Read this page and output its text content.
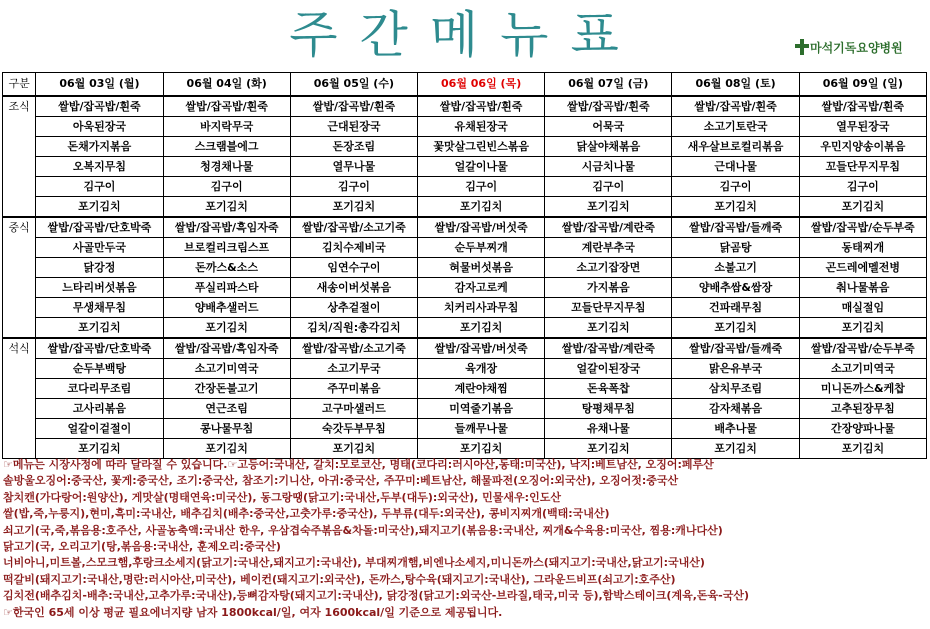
주간메뉴표	마석기독요양병원
구분	06월 03일 (월)	06월 04일 (화)	06월 05일 (수)	06월 06일 (목)	06월 07일 (금)	06월 08일 (토)	06월 09일 (일)
조식	쌀밥/잡곡밥/흰죽	쌀밥/잡곡밥/흰죽	쌀밥/잡곡밥/흰죽	쌀밥/잡곡밥/흰죽	쌀밥/잡곡밥/흰죽	쌀밥/잡곡밥/흰죽	쌀밥/잡곡밥/흰죽
	아욱된장국	바지락무국	근대된장국	유채된장국	어묵국	소고기토란국	열무된장국
	돈채가지볶음	스크램블에그	돈장조림	꽃맛살그린빈스볶음	닭살야채볶음	새우살브로컬리볶음	우민지양송이볶음
	오복지무침	청경채나물	열무나물	얼갈이나물	시금치나물	근대나물	꼬들단무지무침
	김구이	김구이	김구이	김구이	김구이	김구이	김구이
	포기김치	포기김치	포기김치	포기김치	포기김치	포기김치	포기김치
중식	쌀밥/잡곡밥/단호박죽	쌀밥/잡곡밥/흑임자죽	쌀밥/잡곡밥/소고기죽	쌀밥/잡곡밥/버섯죽	쌀밥/잡곡밥/계란죽	쌀밥/잡곡밥/들깨죽	쌀밥/잡곡밥/순두부죽
	사골만두국	브로컬리크림스프	김치수제비국	순두부찌개	계란부추국	닭곰탕	동태찌개
	닭강정	돈까스&소스	임연수구이	혀물버섯볶음	소고기잡장면	소불고기	곤드레에멜전병
	느타리버섯볶음	푸실리파스타	새송이버섯볶음	감자고로케	가지볶음	양배추쌈&쌈장	춰나물볶음
	무생채무침	양배추샐러드	상추겉절이	치커리사과무침	꼬들단무지무침	건파래무침	매실절임
	포기김치	포기김치	김치/직원:총각김치	포기김치	포기김치	포기김치	포기김치
석식	쌀밥/잡곡밥/단호박죽	쌀밥/잡곡밥/흑임자죽	쌀밥/잡곡밥/소고기죽	쌀밥/잡곡밥/버섯죽	쌀밥/잡곡밥/계란죽	쌀밥/잡곡밥/들깨죽	쌀밥/잡곡밥/순두부죽
	순두부백탕	소고기미역국	소고기무국	육개장	얼갈이된장국	맑은유부국	소고기미역국
	코다리무조림	간장돈불고기	주꾸미볶음	계란야채찜	돈육폭찹	삼치무조림	미니돈까스&케찹
	고사리볶음	연근조림	고구마샐러드	미역줄기볶음	탕평채무침	감자채볶음	고추된장무침
	얼갈이겉절이	콩나물무침	숙갓두부무침	들깨무나물	유채나물	배추나물	간장양파나물
	포기김치	포기김치	포기김치	포기김치	포기김치	포기김치	포기김치
☞메뉴는 시장사정에 따라 달라질 수 있습니다.☞고등어:국내산, 갈치:모로코산, 명태(코다리:러시아산,동태:미국산), 낙지:베트남산, 오징어:페루산
솔방울오징어:중국산, 꽃게:중국산, 조기:중국산, 참조기:기니산, 아귀:중국산, 주꾸미:베트남산, 해물파전(오징어:외국산), 오징어젓:중국산
참치캔(가다랑어:원양산), 게맛살(명태연육:미국산), 동그랑땡(닭고기:국내산,두부(대두):외국산), 민물새우:인도산
쌀(밥,죽,누룽지),현미,흑미:국내산, 배추김치(배추:중국산,고춧가루:중국산), 두부류(대두:외국산), 콩비지찌개(백태:국내산)
쇠고기(국,죽,볶음용:호주산, 사골농축액:국내산 한우, 우삼겹숙주볶음&차돌:미국산),돼지고기(볶음용:국내산, 찌개&수육용:미국산, 찜용:캐나다산)
닭고기(국, 오리고기(탕,볶음용:국내산, 훈제오리:중국산)
너비아니,미트볼,스모크햄,후랑크소세지(닭고기:국내산,돼지고기:국내산), 부대찌개햄,비엔나소세지,미니돈까스(돼지고기:국내산,닭고기:국내산)
떡갈비(돼지고기:국내산,명란:러시아산,미국산), 베이컨(돼지고기:외국산), 돈까스,탕수육(돼지고기:국내산), 그라운드비프(쇠고기:호주산)
김치전(배추김치-배추:국내산,고추가루:국내산),등뼈감자탕(돼지고기:국내산), 닭강정(닭고기:외국산-브라질,태국,미국 등),함박스테이크(계육,돈육-국산)
☞한국인 65세 이상 평균 필요에너지량 남자 1800kcal/일, 여자 1600kcal/일 기준으로 제공됩니다.
